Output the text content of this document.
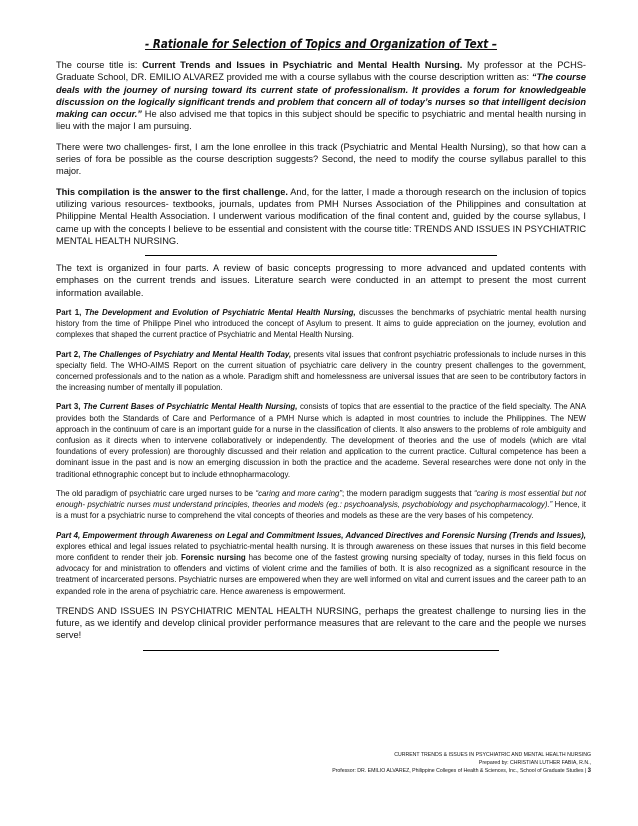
- Rationale for Selection of Topics and Organization of Text –

The course title is: Current Trends and Issues in Psychiatric and Mental Health Nursing. My professor at the PCHS- Graduate School, DR. EMILIO ALVAREZ provided me with a course syllabus with the course description written as: “The course deals with the journey of nursing toward its current state of professionalism. It provides a forum for knowledgeable discussion on the logically significant trends and problem that concern all of today’s nurses so that intelligent decision making can occur.” He also advised me that topics in this subject should be specific to psychiatric and mental health nursing in lieu with the major I am pursuing.

There were two challenges- first, I am the lone enrollee in this track (Psychiatric and Mental Health Nursing), so that how can a series of fora be possible as the course description suggests? Second, the need to modify the course syllabus parallel to this major.

This compilation is the answer to the first challenge. And, for the latter, I made a thorough research on the inclusion of topics utilizing various resources- textbooks, journals, updates from PMH Nurses Association of the Philippines and consultation at Philippine Mental Health Association. I underwent various modification of the final content and, guided by the course syllabus, I came up with the concepts I believe to be essential and consistent with the course title: TRENDS AND ISSUES IN PSYCHIATRIC MENTAL HEALTH NURSING.

The text is organized in four parts. A review of basic concepts progressing to more advanced and updated contents with emphases on the current trends and issues. Literature search were conducted in an attempt to present the most current information available.

Part 1, The Development and Evolution of Psychiatric Mental Health Nursing, discusses the benchmarks of psychiatric mental health nursing history from the time of Philippe Pinel who introduced the concept of Asylum to present. It aims to guide appreciation on the journey, evolution and complexes that shaped the current practice of Psychiatric and Mental Health Nursing.

Part 2, The Challenges of Psychiatry and Mental Health Today, presents vital issues that confront psychiatric professionals to include nurses in this specialty field. The WHO-AIMS Report on the current situation of psychiatric care delivery in the country present challenges to the government, concerned professionals and to the nation as a whole. Paradigm shift and homelessness are universal issues that are seen to be contributory factors in the increasing number of mentally ill population.

Part 3, The Current Bases of Psychiatric Mental Health Nursing, consists of topics that are essential to the practice of the field specialty. The ANA provides both the Standards of Care and Performance of a PMH Nurse which is adapted in most countries to include the Philippines. The NEW approach in the continuum of care is an important guide for a nurse in the classification of clients. It also answers to the problems of role ambiguity and confusion as it directs when to intervene collaboratively or independently. The development of theories and the use of models (which are vital foundations of every profession) are thoroughly discussed and their relation and application to the current practice. Cultural competence has been a dominant issue in the past and is now an emerging discussion in both the practice and the academe. Several researches were done not only in the traditional ethnographic concept but to include ethnopharmacology.

The old paradigm of psychiatric care urged nurses to be “caring and more caring”; the modern paradigm suggests that “caring is most essential but not enough- psychiatric nurses must understand principles, theories and models (eg.: psychoanalysis, psychobiology and psychopharmacology).” Hence, it is a must for a psychiatric nurse to comprehend the vital concepts of theories and models as these are the very bases of his competency.

Part 4, Empowerment through Awareness on Legal and Commitment Issues, Advanced Directives and Forensic Nursing (Trends and Issues), explores ethical and legal issues related to psychiatric-mental health nursing. It is through awareness on these issues that nurses in this field become more confident to render their job. Forensic nursing has become one of the fastest growing nursing specialty of today, nurses in this field focus on advocacy for and ministration to offenders and victims of violent crime and the families of both. It is also recognized as a significant resource in the treatment of incarcerated persons. Psychiatric nurses are empowered when they are well informed on vital and current issues and the career path to an expanded role in the arena of psychiatric care. Hence awareness is empowerment.

TRENDS AND ISSUES IN PSYCHIATRIC MENTAL HEALTH NURSING, perhaps the greatest challenge to nursing lies in the future, as we identify and develop clinical provider performance measures that are relevant to the care and the people we nurses serve!

CURRENT TRENDS & ISSUES IN PSYCHIATRIC AND MENTAL HEALTH NURSING
Prepared by: CHRISTIAN LUTHER FABIA, R.N.,
Professor: DR. EMILIO ALVAREZ, Philippine Colleges of Health & Sciences, Inc., School of Graduate Studies | 3
